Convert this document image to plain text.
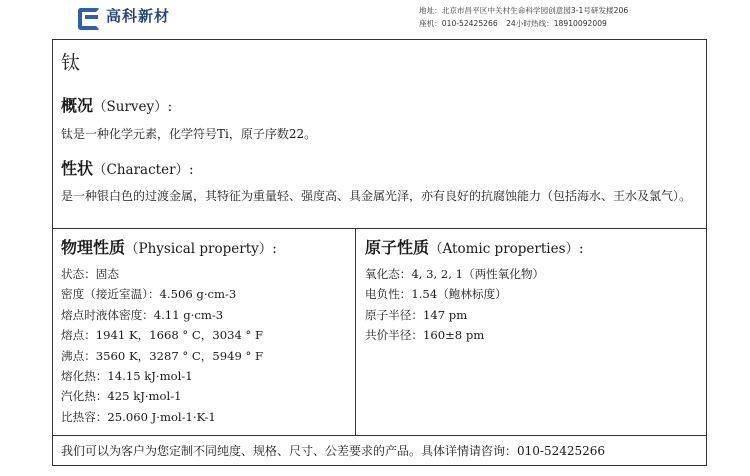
高科新材	地址：北京市昌平区中关村生命科学园创意园3-1号研发楼206
座机：010-52425266 24小时热线：18910092009
钛
概况（Survey）:
钛是一种化学元素，化学符号Ti，原子序数22。
性状（Character）:
是一种银白色的过渡金属，其特征为重量轻、强度高、具金属光泽，亦有良好的抗腐蚀能力（包括海水、王水及氯气）。
物理性质（Physical property）:
状态：固态
密度（接近室温）：4.506 g·cm-3
熔点时液体密度：4.11 g·cm-3
熔点：1941 K，1668 ° C，3034 ° F
沸点：3560 K，3287 ° C，5949 ° F
熔化热：14.15 kJ·mol-1
汽化热：425 kJ·mol-1
比热容：25.060 J·mol-1·K-1
原子性质（Atomic properties）:
氧化态：4, 3, 2, 1（两性氧化物）
电负性：1.54（鲍林标度）
原子半径：147 pm
共价半径：160±8 pm
我们可以为客户为您定制不同纯度、规格、尺寸、公差要求的产品。具体详情请咨询：010-52425266
